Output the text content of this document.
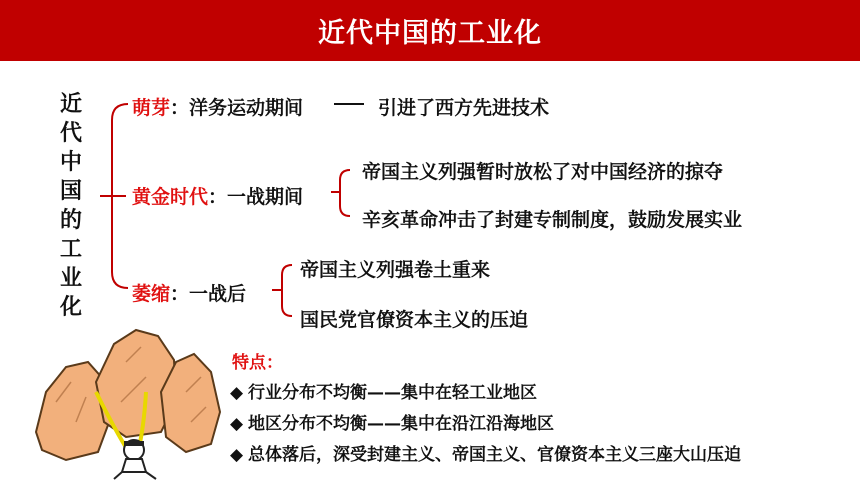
近代中国的工业化
近
代
中
国
的
工
业
化
萌芽：洋务运动期间	引进了西方先进技术
黄金时代：一战期间
帝国主义列强暂时放松了对中国经济的掠夺
辛亥革命冲击了封建专制制度，鼓励发展实业
萎缩：一战后
帝国主义列强卷土重来
国民党官僚资本主义的压迫
特点：
◆ 行业分布不均衡——集中在轻工业地区
◆ 地区分布不均衡——集中在沿江沿海地区
◆ 总体落后，深受封建主义、帝国主义、官僚资本主义三座大山压迫
